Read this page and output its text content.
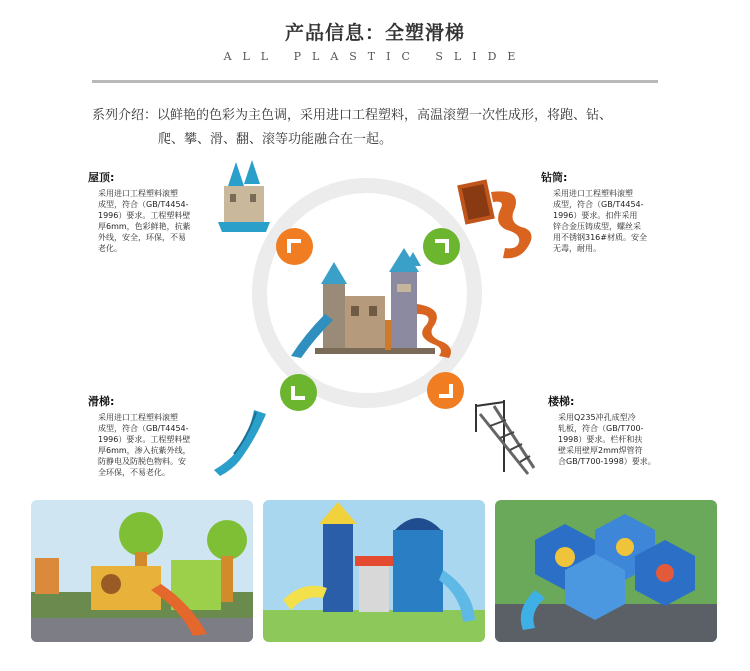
产品信息：全塑滑梯
ALL PLASTIC SLIDE
系列介绍：以鲜艳的色彩为主色调，采用进口工程塑料，高温滚塑一次性成形，将跑、钻、
爬、攀、滑、翻、滚等功能融合在一起。
屋顶:
采用进口工程塑料滚塑
成型，符合（GB/T4454-
1996）要求。工程塑料壁
厚6mm，色彩鲜艳，抗紫
外线，安全，环保，不易
老化。
钻筒:
采用进口工程塑料滚塑
成型，符合（GB/T4454-
1996）要求。扣件采用
锌合金压铸成型，螺丝采
用不锈钢316#材质。安全
无毒，耐用。
滑梯:
采用进口工程塑料滚塑
成型，符合（GB/T4454-
1996）要求。工程塑料壁
厚6mm，渗入抗紫外线，
防静电及防脱色物料。安
全环保，不易老化。
楼梯:
采用Q235冲孔成型冷
轧板，符合（GB/T700-
1998）要求。栏杆和扶
壁采用壁厚2mm焊管符
合GB/T700-1998）要求。
